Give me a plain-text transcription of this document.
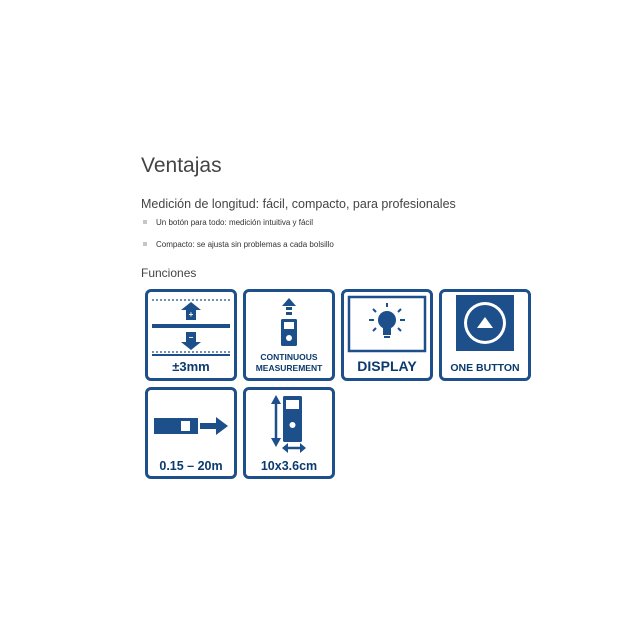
Ventajas
Medición de longitud: fácil, compacto, para profesionales
Un botón para todo: medición intuitiva y fácil
Compacto: se ajusta sin problemas a cada bolsillo
Funciones
+
−
±3mm
CONTINUOUS
MEASUREMENT	DISPLAY	ONE BUTTON
0.15 – 20m	10x3.6cm
